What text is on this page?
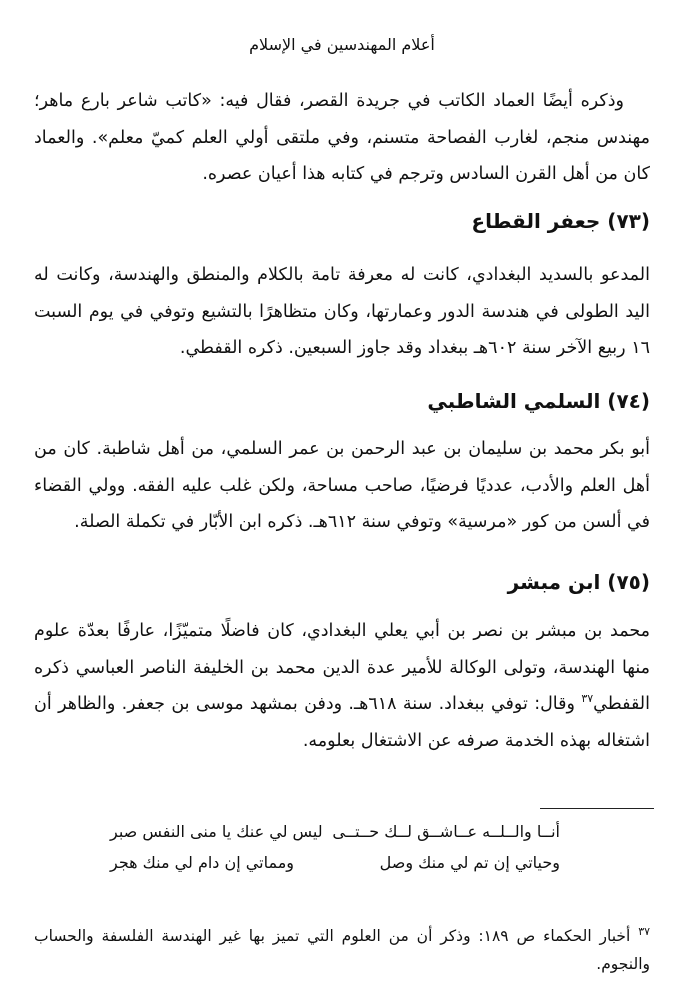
أعلام المهندسين في الإسلام

وذكره أيضًا العماد الكاتب في جريدة القصر، فقال فيه: «كاتب شاعر بارع ماهر؛ مهندس منجم، لغارب الفصاحة متسنم، وفي ملتقى أولي العلم كميّ معلم». والعماد كان من أهل القرن السادس وترجم في كتابه هذا أعيان عصره.

(٧٣) جعفر القطاع

المدعو بالسديد البغدادي، كانت له معرفة تامة بالكلام والمنطق والهندسة، وكانت له اليد الطولى في هندسة الدور وعمارتها، وكان متظاهرًا بالتشيع وتوفي في يوم السبت ١٦ ربيع الآخر سنة ٦٠٢هـ ببغداد وقد جاوز السبعين. ذكره القفطي.

(٧٤) السلمي الشاطبي

أبو بكر محمد بن سليمان بن عبد الرحمن بن عمر السلمي، من أهل شاطبة. كان من أهل العلم والأدب، عدديًا فرضيًا، صاحب مساحة، ولكن غلب عليه الفقه. وولي القضاء في ألسن من كور «مرسية» وتوفي سنة ٦١٢هـ. ذكره ابن الأبّار في تكملة الصلة.

(٧٥) ابن مبشر

محمد بن مبشر بن نصر بن أبي يعلي البغدادي، كان فاضلًا متميّزًا، عارفًا بعدّة علوم منها الهندسة، وتولى الوكالة للأمير عدة الدين محمد بن الخليفة الناصر العباسي ذكره القفطي$^{٣٧}$ وقال: توفي ببغداد. سنة ٦١٨هـ. ودفن بمشهد موسى بن جعفر. والظاهر أن اشتغاله بهذه الخدمة صرفه عن الاشتغال بعلومه.

أنــا والــلــه عــاشــق لــك حــتــى
ليس لي عنك يا منى النفس صبر
وحياتي إن تم لي منك وصل
ومماتي إن دام لي منك هجر

$^{٣٧}$ أخبار الحكماء ص ١٨٩: وذكر أن من العلوم التي تميز بها غير الهندسة الفلسفة والحساب والنجوم.
